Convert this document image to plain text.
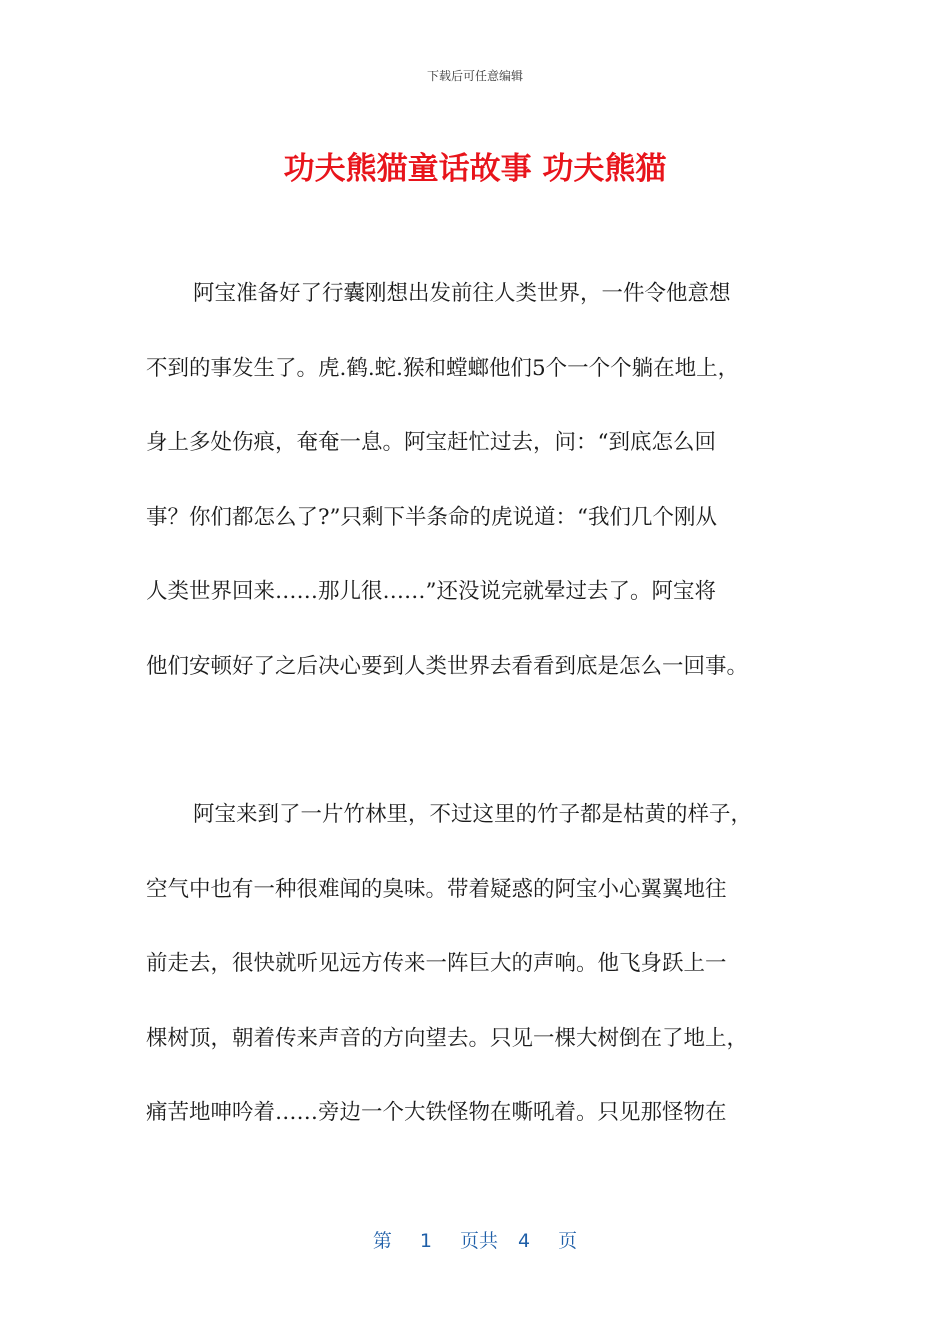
下载后可任意编辑
功夫熊猫童话故事 功夫熊猫
阿宝准备好了行囊刚想出发前往人类世界，一件令他意想
不到的事发生了。虎.鹤.蛇.猴和螳螂他们5个一个个躺在地上，
身上多处伤痕，奄奄一息。阿宝赶忙过去，问：“到底怎么回
事？你们都怎么了?”只剩下半条命的虎说道：“我们几个刚从
人类世界回来……那儿很……”还没说完就晕过去了。阿宝将
他们安顿好了之后决心要到人类世界去看看到底是怎么一回事。
阿宝来到了一片竹林里，不过这里的竹子都是枯黄的样子，
空气中也有一种很难闻的臭味。带着疑惑的阿宝小心翼翼地往
前走去，很快就听见远方传来一阵巨大的声响。他飞身跃上一
棵树顶，朝着传来声音的方向望去。只见一棵大树倒在了地上，
痛苦地呻吟着……旁边一个大铁怪物在嘶吼着。只见那怪物在
第 1 页共 4 页
